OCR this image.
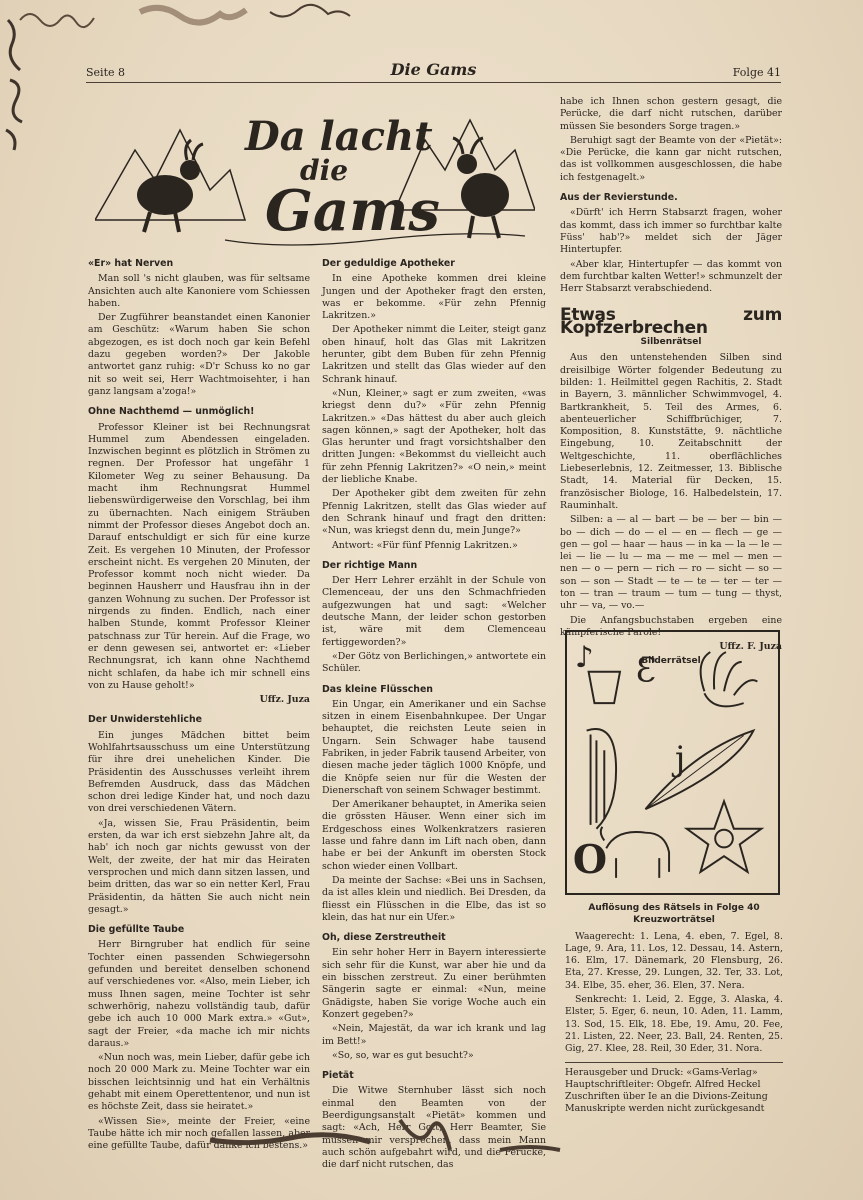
Seite 8	Die Gams	Folge 41
Da lacht
die
Gams
«Er» hat Nerven

Man soll 's nicht glauben, was für seltsame Ansichten auch alte Kanoniere vom Schiessen haben.

Der Zugführer beanstandet einen Kanonier am Geschütz: «Warum haben Sie schon abgezogen, es ist doch noch gar kein Befehl dazu gegeben worden?» Der Jakoble antwortet ganz ruhig: «D'r Schuss ko no gar nit so weit sei, Herr Wachtmoisehter, i han ganz langsam a'zoga!»

Ohne Nachthemd — unmöglich!

Professor Kleiner ist bei Rechnungsrat Hummel zum Abendessen eingeladen. Inzwischen beginnt es plötzlich in Strömen zu regnen. Der Professor hat ungefähr 1 Kilometer Weg zu seiner Behausung. Da macht ihm Rechnungsrat Hummel liebenswürdigerweise den Vorschlag, bei ihm zu übernachten. Nach einigem Sträuben nimmt der Professor dieses Angebot doch an. Darauf entschuldigt er sich für eine kurze Zeit. Es vergehen 10 Minuten, der Professor erscheint nicht. Es vergehen 20 Minuten, der Professor kommt noch nicht wieder. Da beginnen Hausherr und Hausfrau ihn in der ganzen Wohnung zu suchen. Der Professor ist nirgends zu finden. Endlich, nach einer halben Stunde, kommt Professor Kleiner patschnass zur Tür herein. Auf die Frage, wo er denn gewesen sei, antwortet er: «Lieber Rechnungsrat, ich kann ohne Nachthemd nicht schlafen, da habe ich mir schnell eins von zu Hause geholt!»

Uffz. Juza

Der Unwiderstehliche

Ein junges Mädchen bittet beim Wohlfahrtsausschuss um eine Unterstützung für ihre drei unehelichen Kinder. Die Präsidentin des Ausschusses verleiht ihrem Befremden Ausdruck, dass das Mädchen schon drei ledige Kinder hat, und noch dazu von drei verschiedenen Vätern.

«Ja, wissen Sie, Frau Präsidentin, beim ersten, da war ich erst siebzehn Jahre alt, da hab' ich noch gar nichts gewusst von der Welt, der zweite, der hat mir das Heiraten versprochen und mich dann sitzen lassen, und beim dritten, das war so ein netter Kerl, Frau Präsidentin, da hätten Sie auch nicht nein gesagt.»

Die gefüllte Taube

Herr Birngruber hat endlich für seine Tochter einen passenden Schwiegersohn gefunden und bereitet denselben schonend auf verschiedenes vor. «Also, mein Lieber, ich muss Ihnen sagen, meine Tochter ist sehr schwerhörig, nahezu vollständig taub, dafür gebe ich auch 10 000 Mark extra.» «Gut», sagt der Freier, «da mache ich mir nichts daraus.»

«Nun noch was, mein Lieber, dafür gebe ich noch 20 000 Mark zu. Meine Tochter war ein bisschen leichtsinnig und hat ein Verhältnis gehabt mit einem Operettentenor, und nun ist es höchste Zeit, dass sie heiratet.»

«Wissen Sie», meinte der Freier, «eine Taube hätte ich mir noch gefallen lassen, aber eine gefüllte Taube, dafür danke ich bestens.»

Der geduldige Apotheker

In eine Apotheke kommen drei kleine Jungen und der Apotheker fragt den ersten, was er bekomme. «Für zehn Pfennig Lakritzen.»

Der Apotheker nimmt die Leiter, steigt ganz oben hinauf, holt das Glas mit Lakritzen herunter, gibt dem Buben für zehn Pfennig Lakritzen und stellt das Glas wieder auf den Schrank hinauf.

«Nun, Kleiner,» sagt er zum zweiten, «was kriegst denn du?» «Für zehn Pfennig Lakritzen.» «Das hättest du aber auch gleich sagen können,» sagt der Apotheker, holt das Glas herunter und fragt vorsichtshalber den dritten Jungen: «Bekommst du vielleicht auch für zehn Pfennig Lakritzen?» «O nein,» meint der liebliche Knabe.

Der Apotheker gibt dem zweiten für zehn Pfennig Lakritzen, stellt das Glas wieder auf den Schrank hinauf und fragt den dritten: «Nun, was kriegst denn du, mein Junge?»

Antwort: «Für fünf Pfennig Lakritzen.»

Der richtige Mann

Der Herr Lehrer erzählt in der Schule von Clemenceau, der uns den Schmachfrieden aufgezwungen hat und sagt: «Welcher deutsche Mann, der leider schon gestorben ist, wäre mit dem Clemenceau fertiggeworden?»

«Der Götz von Berlichingen,» antwortete ein Schüler.

Das kleine Flüsschen

Ein Ungar, ein Amerikaner und ein Sachse sitzen in einem Eisenbahnkupee. Der Ungar behauptet, die reichsten Leute seien in Ungarn. Sein Schwager habe tausend Fabriken, in jeder Fabrik tausend Arbeiter, von diesen mache jeder täglich 1000 Knöpfe, und die Knöpfe seien nur für die Westen der Dienerschaft von seinem Schwager bestimmt.

Der Amerikaner behauptet, in Amerika seien die grössten Häuser. Wenn einer sich im Erdgeschoss eines Wolkenkratzers rasieren lasse und fahre dann im Lift nach oben, dann habe er bei der Ankunft im obersten Stock schon wieder einen Vollbart.

Da meinte der Sachse: «Bei uns in Sachsen, da ist alles klein und niedlich. Bei Dresden, da fliesst ein Flüsschen in die Elbe, das ist so klein, das hat nur ein Ufer.»

Oh, diese Zerstreutheit

Ein sehr hoher Herr in Bayern interessierte sich sehr für die Kunst, war aber hie und da ein bisschen zerstreut. Zu einer berühmten Sängerin sagte er einmal: «Nun, meine Gnädigste, haben Sie vorige Woche auch ein Konzert gegeben?»

«Nein, Majestät, da war ich krank und lag im Bett!»

«So, so, war es gut besucht?»

Pietät

Die Witwe Sternhuber lässt sich noch einmal den Beamten von der Beerdigungsanstalt «Pietät» kommen und sagt: «Ach, Herr Gott, Herr Beamter, Sie müssen mir versprechen, dass mein Mann auch schön aufgebahrt wird, und die Perücke, die darf nicht rutschen, das

habe ich Ihnen schon gestern gesagt, die Perücke, die darf nicht rutschen, darüber müssen Sie besonders Sorge tragen.»

Beruhigt sagt der Beamte von der «Pietät»: «Die Perücke, die kann gar nicht rutschen, das ist vollkommen ausgeschlossen, die habe ich festgenagelt.»

Aus der Revierstunde.

«Dürft' ich Herrn Stabsarzt fragen, woher das kommt, dass ich immer so furchtbar kalte Füss' hab'?» meldet sich der Jäger Hintertupfer.

«Aber klar, Hintertupfer — das kommt von dem furchtbar kalten Wetter!» schmunzelt der Herr Stabsarzt verabschiedend.

Etwas zum Kopfzerbrechen
Silbenrätsel

Aus den untenstehenden Silben sind dreisilbige Wörter folgender Bedeutung zu bilden: 1. Heilmittel gegen Rachitis, 2. Stadt in Bayern, 3. männlicher Schwimmvogel, 4. Bartkrankheit, 5. Teil des Armes, 6. abenteuerlicher Schiffbrüchiger, 7. Komposition, 8. Kunststätte, 9. nächtliche Eingebung, 10. Zeitabschnitt der Weltgeschichte, 11. oberflächliches Liebeserlebnis, 12. Zeitmesser, 13. Biblische Stadt, 14. Material für Decken, 15. französischer Biologe, 16. Halbedelstein, 17. Rauminhalt.

Silben: a — al — bart — be — ber — bin — bo — dich — do — el — en — flech — ge — gen — gol — haar — haus — in ka — la — le — lei — lie — lu — ma — me — mel — men — nen — o — pern — rich — ro — sicht — so — son — son — Stadt — te — te — ter — ter — ton — tran — traum — tum — tung — thyst, uhr — va, — vo.—

Die Anfangsbuchstaben ergeben eine kämpferische Parole!

Uffz. F. Juza

Bilderrätsel
♪ Ɛ
j
O
Auflösung des Rätsels in Folge 40
Kreuzworträtsel

Waagerecht: 1. Lena, 4. eben, 7. Egel, 8. Lage, 9. Ara, 11. Los, 12. Dessau, 14. Astern, 16. Elm, 17. Dänemark, 20 Flensburg, 26. Eta, 27. Kresse, 29. Lungen, 32. Ter, 33. Lot, 34. Elbe, 35. eher, 36. Elen, 37. Nera.

Senkrecht: 1. Leid, 2. Egge, 3. Alaska, 4. Elster, 5. Eger, 6. neun, 10. Aden, 11. Lamm, 13. Sod, 15. Elk, 18. Ebe, 19. Amu, 20. Fee, 21. Listen, 22. Neer, 23. Ball, 24. Renten, 25. Gig, 27. Klee, 28. Reil, 30 Eder, 31. Nora.

Herausgeber und Druck: «Gams-Verlag»
Hauptschriftleiter: Obgefr. Alfred Heckel
Zuschriften über Ie an die Divions-Zeitung
Manuskripte werden nicht zurückgesandt
